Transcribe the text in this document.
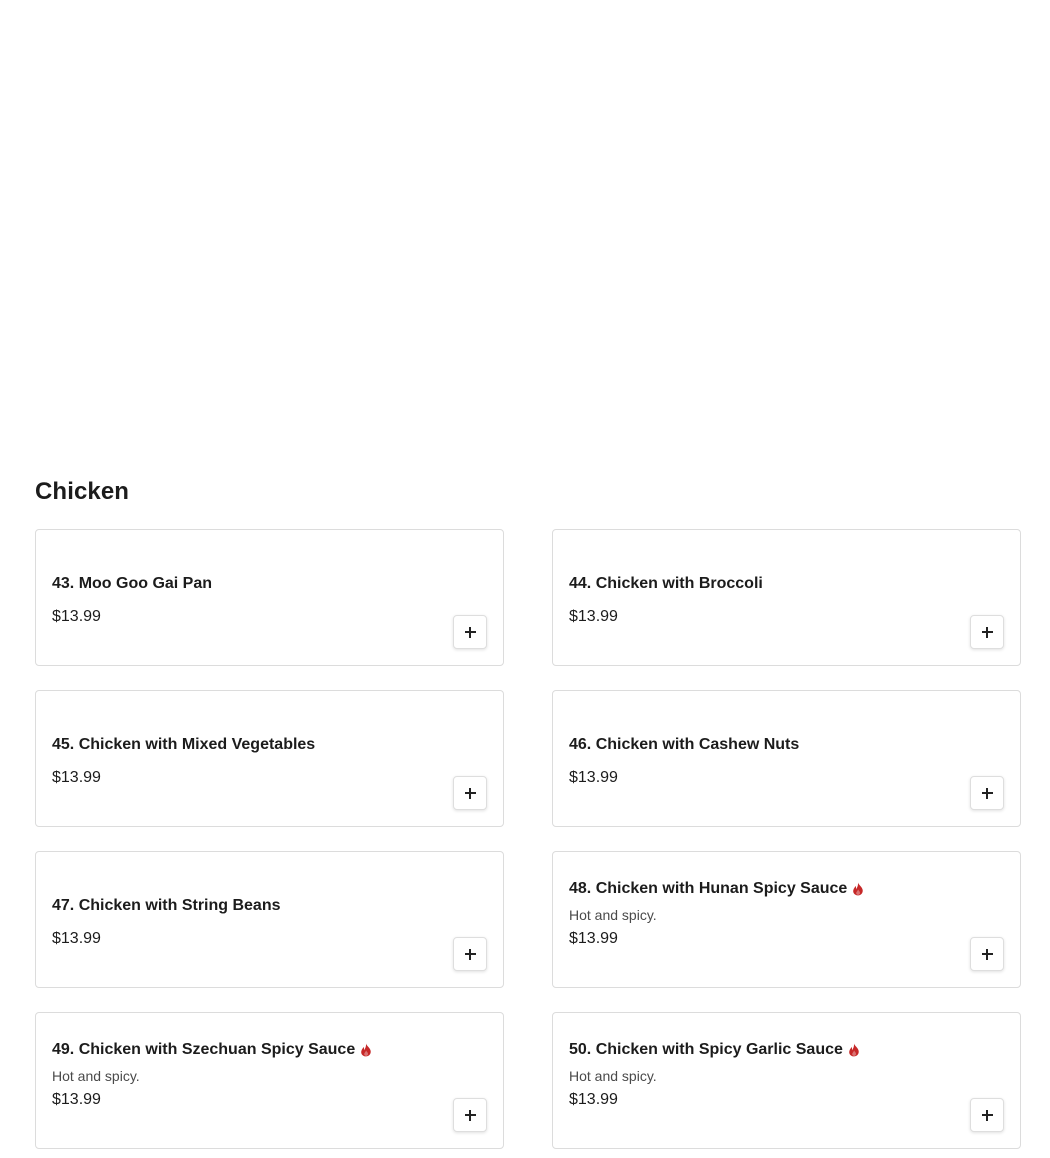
Chicken
43. Moo Goo Gai Pan
$13.99
44. Chicken with Broccoli
$13.99
45. Chicken with Mixed Vegetables
$13.99
46. Chicken with Cashew Nuts
$13.99
47. Chicken with String Beans
$13.99
48. Chicken with Hunan Spicy Sauce
Hot and spicy.
$13.99
49. Chicken with Szechuan Spicy Sauce
Hot and spicy.
$13.99
50. Chicken with Spicy Garlic Sauce
Hot and spicy.
$13.99
